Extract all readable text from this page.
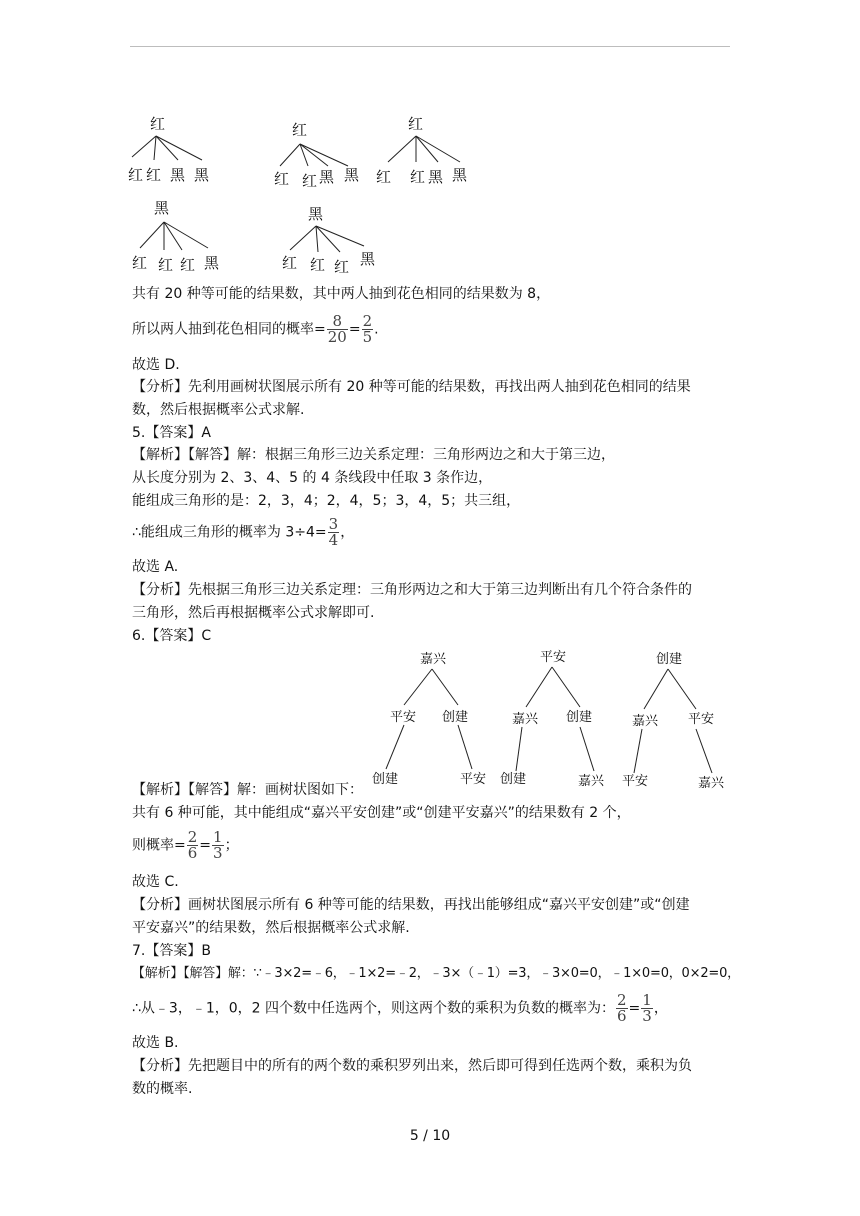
红
红 红 黑 黑
红
红 红 黑 黑
红
红 红 黑 黑
黑
红 红 红 黑
黑
红 红 红 黑
共有 20 种等可能的结果数，其中两人抽到花色相同的结果数为 8，
所以两人抽到花色相同的概率= $\frac{8}{20} = \frac{2}{5}$ .
故选 D.
【分析】先利用画树状图展示所有 20 种等可能的结果数，再找出两人抽到花色相同的结果
数，然后根据概率公式求解.
5.【答案】A
【解析】【解答】解：根据三角形三边关系定理：三角形两边之和大于第三边，
从长度分别为 2、3、4、5 的 4 条线段中任取 3 条作边，
能组成三角形的是：2，3，4；2，4，5；3，4，5；共三组，
∴能组成三角形的概率为 $3\div 4= \frac{3}{4}$ ，
故选 A.
【分析】先根据三角形三边关系定理：三角形两边之和大于第三边判断出有几个符合条件的
三角形，然后再根据概率公式求解即可.
6.【答案】C
嘉兴
平安 创建
创建	平安
平安
嘉兴 创建
创建	嘉兴
创建
嘉兴 平安
平安	嘉兴
【解析】【解答】解：画树状图如下：
共有 6 种可能，其中能组成“嘉兴平安创建”或“创建平安嘉兴”的结果数有 2 个，
则概率= $\frac{2}{6} = \frac{1}{3}$ ；
故选 C.
【分析】画树状图展示所有 6 种等可能的结果数，再找出能够组成“嘉兴平安创建”或“创建
平安嘉兴”的结果数，然后根据概率公式求解.
7.【答案】B
【解析】【解答】解：∵﹣3×2=﹣6，﹣1×2=﹣2，﹣3×（﹣1）=3，﹣3×0=0，﹣1×0=0，0×2=0，
∴从﹣3，﹣1，0，2 四个数中任选两个，则这两个数的乘积为负数的概率为： $\frac{2}{6} = \frac{1}{3}$ ，
故选 B.
【分析】先把题目中的所有的两个数的乘积罗列出来，然后即可得到任选两个数，乘积为负
数的概率.
5 / 10
